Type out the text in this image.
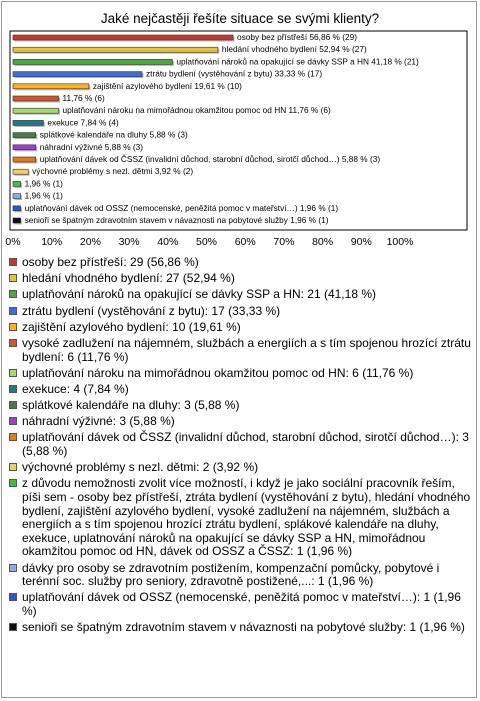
Jaké nejčastěji řešíte situace se svými klienty?
osoby bez přístřeší 56,86 % (29)
hledání vhodného bydlení 52,94 % (27)
uplatňování nároků na opakující se dávky SSP a HN 41,18 % (21)
ztrátu bydlení (vystěhování z bytu) 33,33 % (17)
zajištění azylového bydlení 19,61 % (10)
11,76 % (6)
uplatňování nároku na mimořádnou okamžitou pomoc od HN 11,76 % (6)
exekuce 7,84 % (4)
splátkové kalendáře na dluhy 5,88 % (3)
náhradní výživné 5,88 % (3)
uplatňování dávek od ČSSZ (invalidní důchod, starobní důchod, sirotčí důchod…) 5,88 % (3)
výchovné problémy s nezl. dětmi 3,92 % (2)
1,96 % (1)
1,96 % (1)
uplatňování dávek od OSSZ (nemocenské, peněžitá pomoc v mateřství…) 1,96 % (1)
senioři se špatným zdravotním stavem v návaznosti na pobytové služby 1,96 % (1)
0% 10% 20% 30% 40% 50% 60% 70% 80% 90% 100%
osoby bez přístřeší: 29 (56,86 %)
hledání vhodného bydlení: 27 (52,94 %)
uplatňování nároků na opakující se dávky SSP a HN: 21 (41,18 %)
ztrátu bydlení (vystěhování z bytu): 17 (33,33 %)
zajištění azylového bydlení: 10 (19,61 %)
vysoké zadlužení na nájemném, službách a energiích a s tím spojenou hrozící ztrátu bydlení: 6 (11,76 %)
uplatňování nároku na mimořádnou okamžitou pomoc od HN: 6 (11,76 %)
exekuce: 4 (7,84 %)
splátkové kalendáře na dluhy: 3 (5,88 %)
náhradní výživné: 3 (5,88 %)
uplatňování dávek od ČSSZ (invalidní důchod, starobní důchod, sirotčí důchod…): 3 (5,88 %)
výchovné problémy s nezl. dětmi: 2 (3,92 %)
z důvodu nemožnosti zvolit více možností, i když je jako sociální pracovník řeším, píši sem - osoby bez přístřeší, ztráta bydlení (vystěhování z bytu), hledání vhodného bydlení, zajištění azylového bydlení, vysoké zadlužení na nájemném, službách a energiích a s tím spojenou hrozící ztrátu bydlení, splákové kalendáře na dluhy, exekuce, uplatnování nároků na opakující se dávky SSP a HN, mimořádnou okamžitou pomoc od HN, dávek od OSSZ a ČSSZ: 1 (1,96 %)
dávky pro osoby se zdravotním postižením, kompenzační pomůcky, pobytové i terénní soc. služby pro seniory, zdravotně postižené,...: 1 (1,96 %)
uplatňování dávek od OSSZ (nemocenské, peněžitá pomoc v mateřství…): 1 (1,96 %)
senioři se špatným zdravotním stavem v návaznosti na pobytové služby: 1 (1,96 %)
